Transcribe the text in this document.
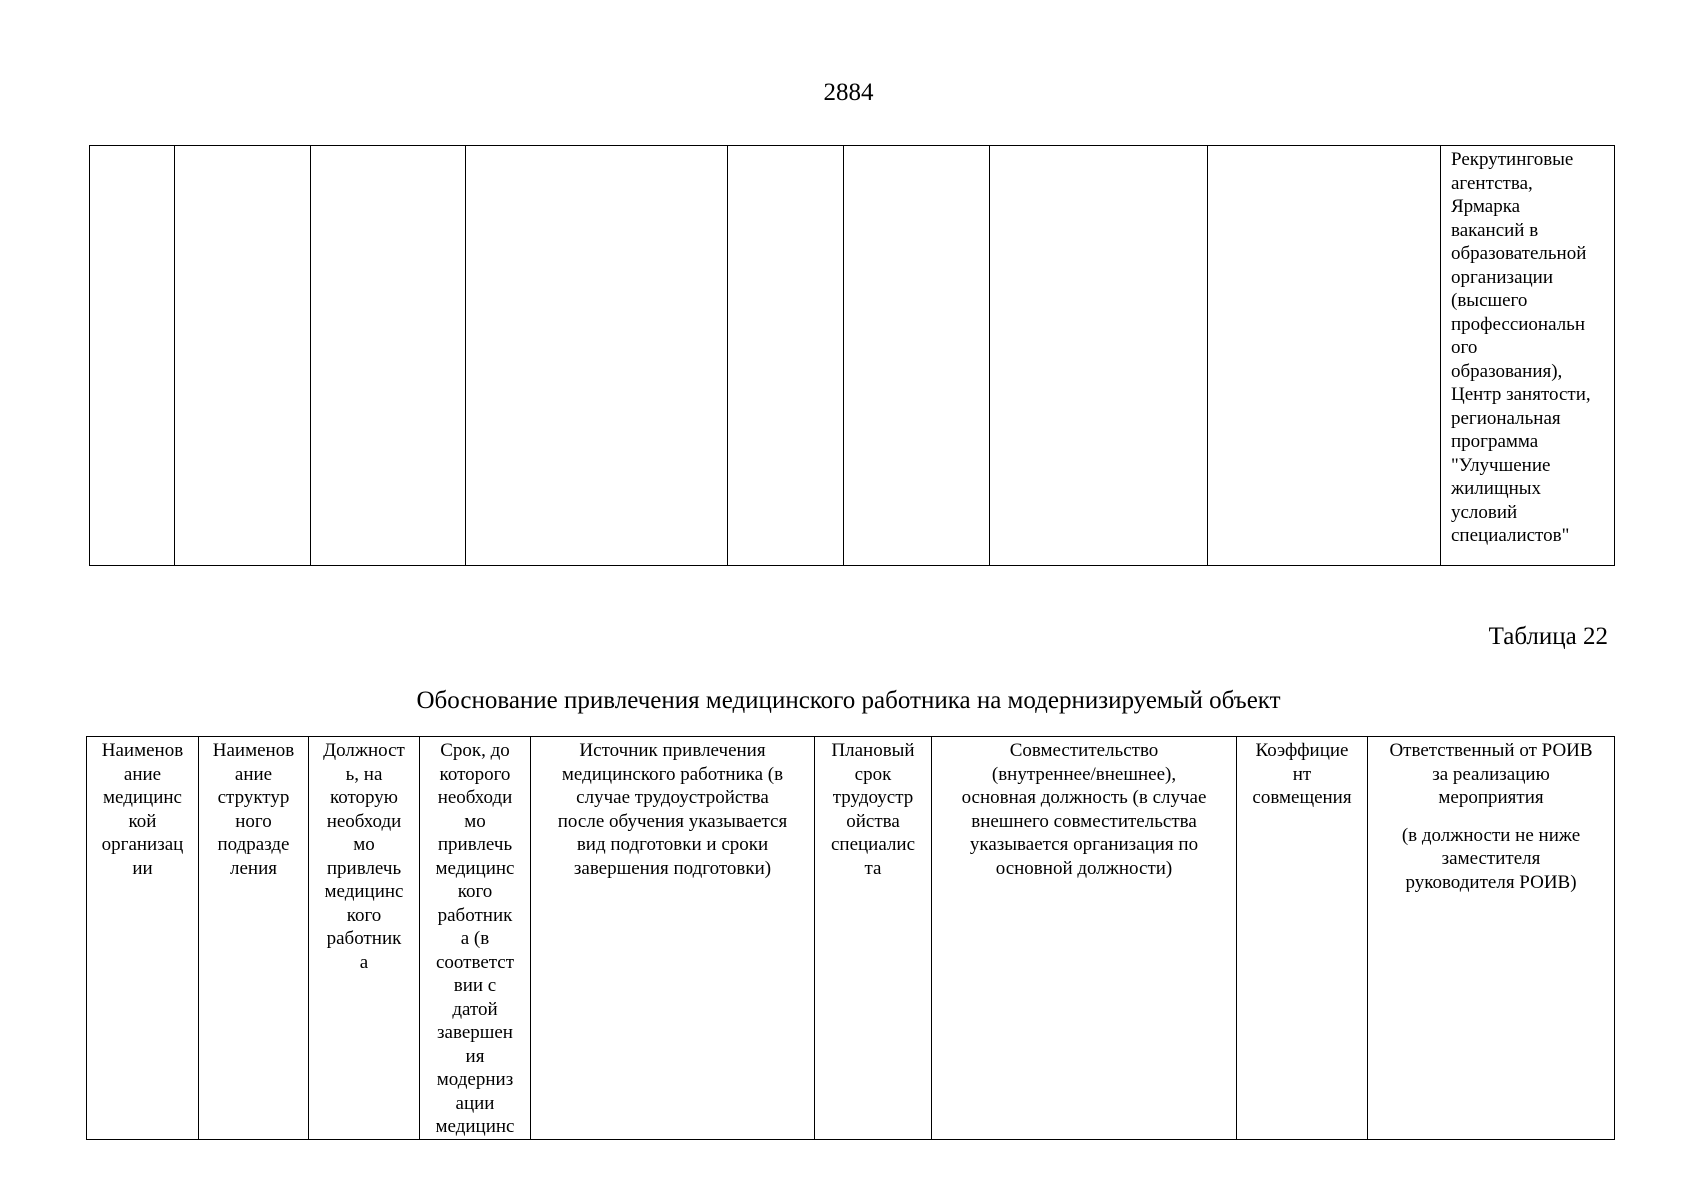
2884
								Рекрутинговые
агентства,
Ярмарка
вакансий в
образовательной
организации
(высшего
профессиональн
ого
образования),
Центр занятости,
региональная
программа
"Улучшение
жилищных
условий
специалистов"
Таблица 22
Обоснование привлечения медицинского работника на модернизируемый объект
Наименов
ание
медицинс
кой
организац
ии	Наименов
ание
структур
ного
подразде
ления	Должност
ь, на
которую
необходи
мо
привлечь
медицинс
кого
работник
а	Срок, до
которого
необходи
мо
привлечь
медицинс
кого
работник
а (в
соответст
вии с
датой
завершен
ия
модерниз
ации
медицинс	Источник привлечения
медицинского работника (в
случае трудоустройства
после обучения указывается
вид подготовки и сроки
завершения подготовки)	Плановый
срок
трудоустр
ойства
специалис
та	Совместительство
(внутреннее/внешнее),
основная должность (в случае
внешнего совместительства
указывается организация по
основной должности)	Коэффицие
нт
совмещения	Ответственный от РОИВ
за реализацию
мероприятия
(в должности не ниже
заместителя
руководителя РОИВ)
